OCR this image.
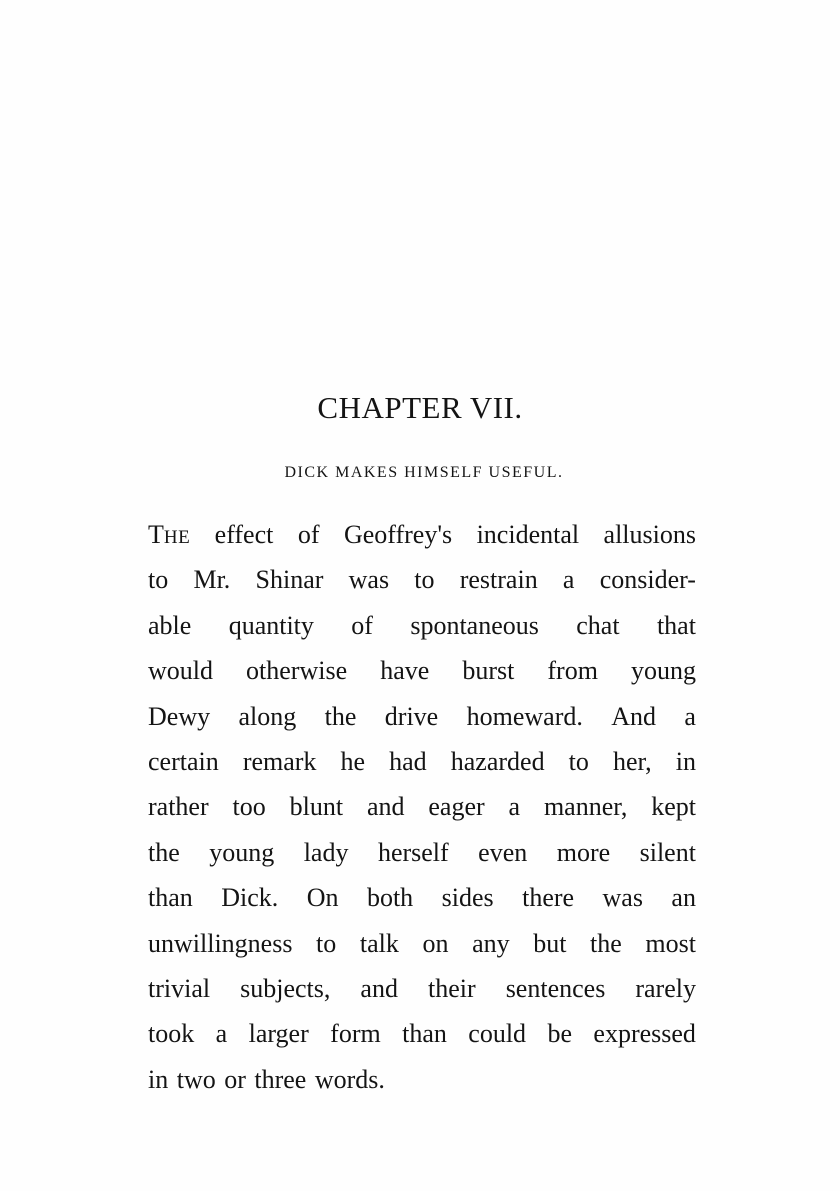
CHAPTER VII.
DICK MAKES HIMSELF USEFUL.
THE effect of Geoffrey's incidental allusions
to Mr. Shinar was to restrain a consider-
able quantity of spontaneous chat that
would otherwise have burst from young
Dewy along the drive homeward. And a
certain remark he had hazarded to her, in
rather too blunt and eager a manner, kept
the young lady herself even more silent
than Dick. On both sides there was an
unwillingness to talk on any but the most
trivial subjects, and their sentences rarely
took a larger form than could be expressed
in two or three words.
